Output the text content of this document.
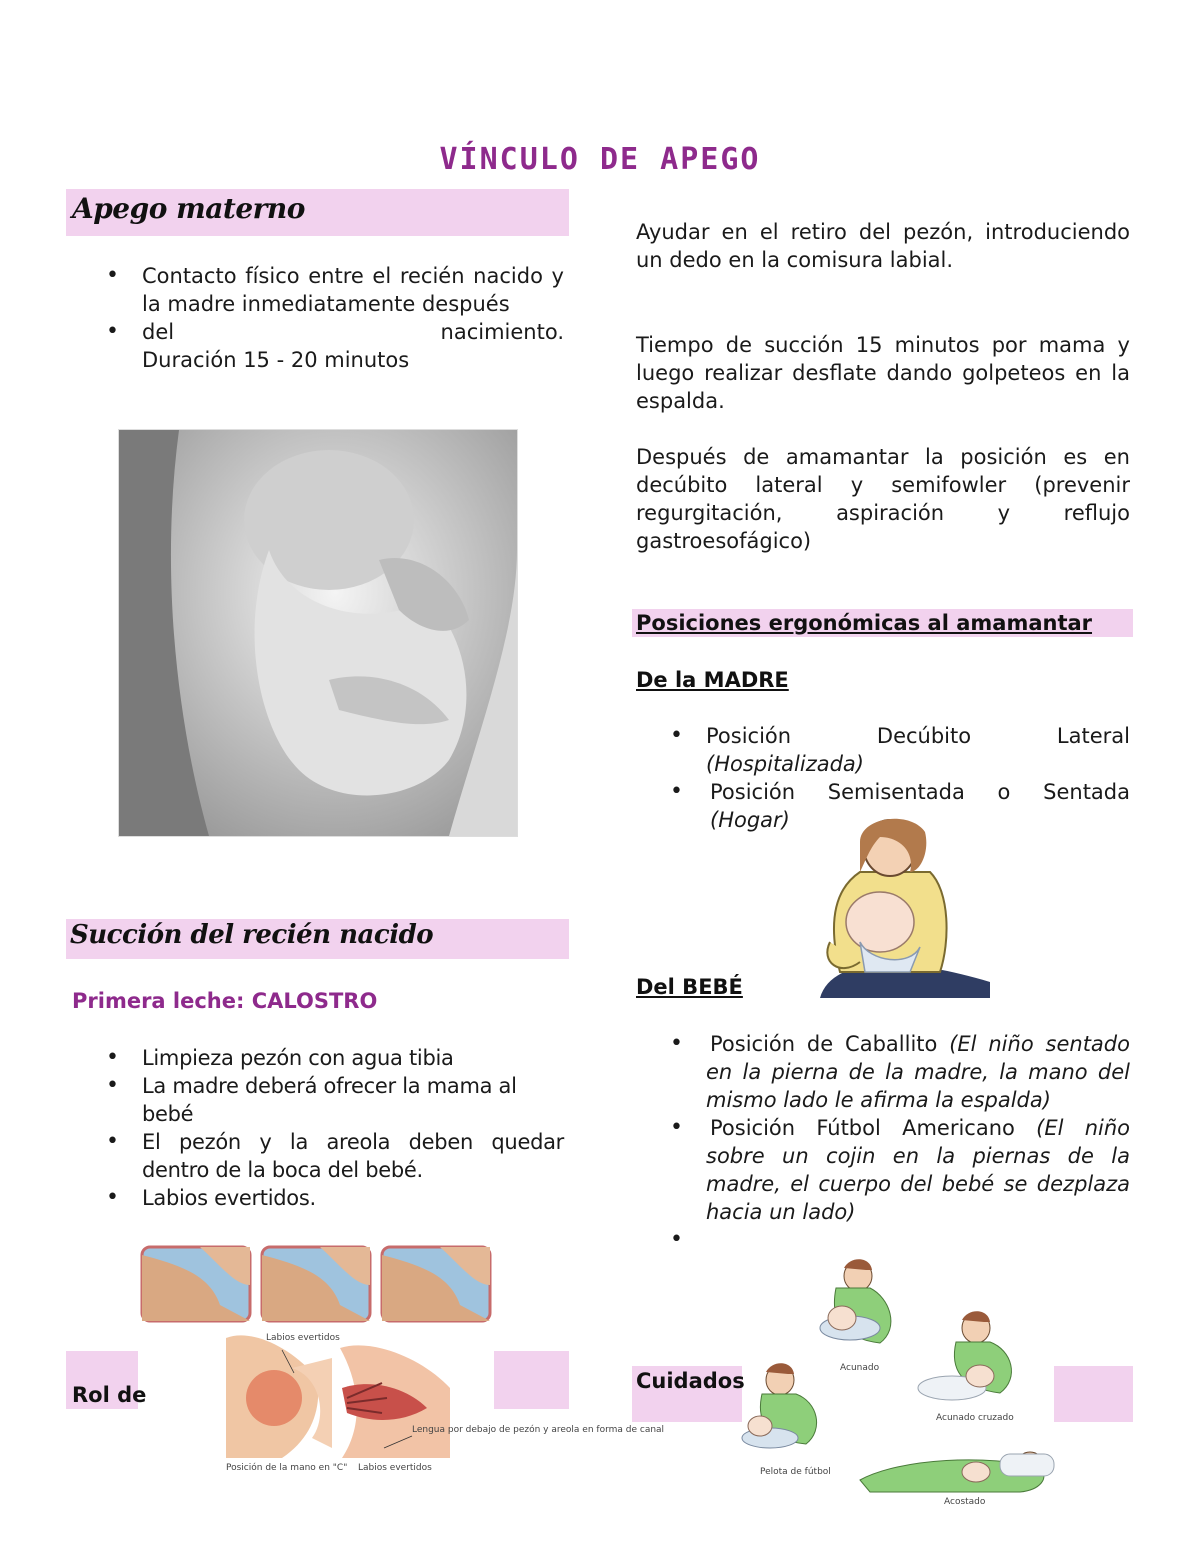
VÍNCULO DE APEGO
Apego materno
• Contacto físico entre el recién nacido y la madre inmediatamente después
• del	nacimiento.
Duración 15 - 20 minutos
Succión del recién nacido
Primera leche: CALOSTRO
• Limpieza pezón con agua tibia
• La madre deberá ofrecer la mama al bebé
• El pezón y la areola deben quedar dentro de la boca del bebé.
• Labios evertidos.
Rol de
Labios evertidos
Posición de la mano en "C" Labios evertidos
Lengua por debajo de pezón y areola en forma de canal
Ayudar en el retiro del pezón, introduciendo un dedo en la comisura labial.
Tiempo de succión 15 minutos por mama y luego realizar desflate dando golpeteos en la espalda.
Después de amamantar la posición es en decúbito lateral y semifowler (prevenir regurgitación, aspiración y reflujo gastroesofágico)
Posiciones ergonómicas al amamantar
De la MADRE
• Posición Decúbito Lateral
(Hospitalizada)
• Posición Semisentada o Sentada
(Hogar)
Del BEBÉ
• Posición de Caballito (El niño sentado en la pierna de la madre, la mano del mismo lado le afirma la espalda)
• Posición Fútbol Americano (El niño sobre un cojin en la piernas de la madre, el cuerpo del bebé se dezplaza hacia un lado)
•
Cuidados
Acunado
Acunado cruzado
Pelota de fútbol
Acostado
